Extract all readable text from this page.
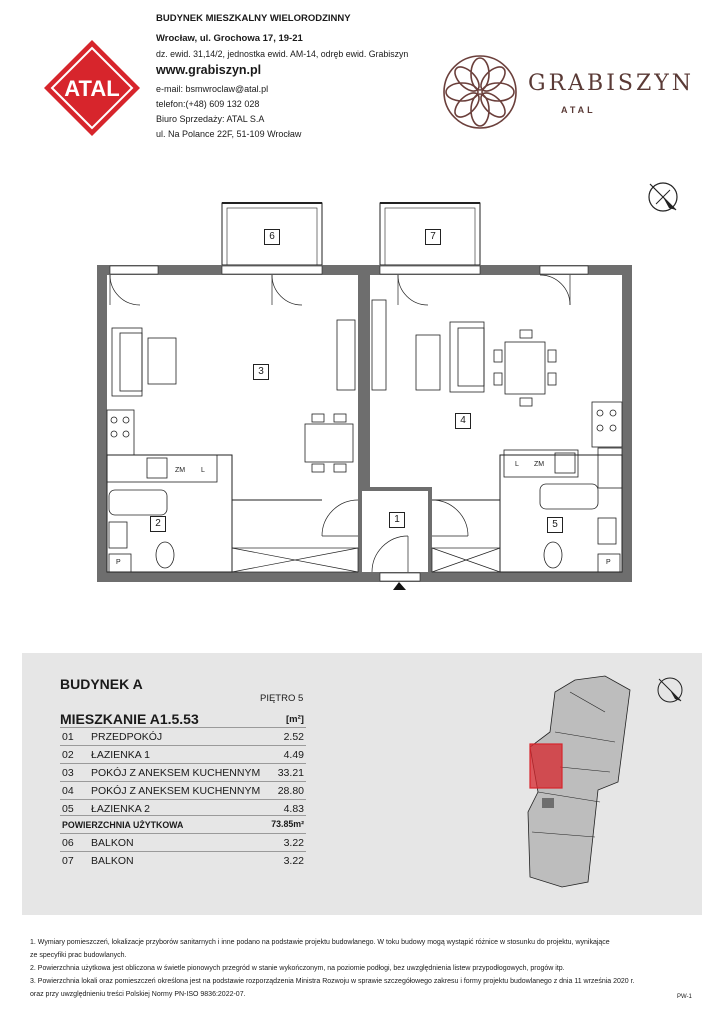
ATAL
BUDYNEK MIESZKALNY WIELORODZINNY
Wrocław, ul. Grochowa 17, 19-21
dz. ewid. 31,14/2, jednostka ewid. AM-14, odręb ewid. Grabiszyn
www.grabiszyn.pl
e-mail: bsmwroclaw@atal.pl
telefon:(+48) 609 132 028
Biuro Sprzedaży: ATAL S.A
ul. Na Polance 22F, 51-109 Wrocław
GRABISZYN
ATAL
ZM L
L ZM
P	P
6	7
3
4
2	1	5
BUDYNEK A
PIĘTRO 5
MIESZKANIE A1.5.53	[m²]
01 PRZEDPOKÓJ	2.52
02 ŁAZIENKA 1	4.49
03 POKÓJ Z ANEKSEM KUCHENNYM 33.21
04 POKÓJ Z ANEKSEM KUCHENNYM 28.80
05 ŁAZIENKA 2	4.83
POWIERZCHNIA UŻYTKOWA	73.85m²
06 BALKON	3.22
07 BALKON	3.22
1. Wymiary pomieszczeń, lokalizacje przyborów sanitarnych i inne podano na podstawie projektu budowlanego. W toku budowy mogą wystąpić różnice w stosunku do projektu, wynikające
ze specyfiki prac budowlanych.
2. Powierzchnia użytkowa jest obliczona w świetle pionowych przegród w stanie wykończonym, na poziomie podłogi, bez uwzględnienia listew przypodłogowych, progów itp.
3. Powierzchnia lokali oraz pomieszczeń określona jest na podstawie rozporządzenia Ministra Rozwoju w sprawie szczegółowego zakresu i formy projektu budowlanego z dnia 11 września 2020 r.
oraz przy uwzględnieniu treści Polskiej Normy PN-ISO 9836:2022-07.	PW-1
